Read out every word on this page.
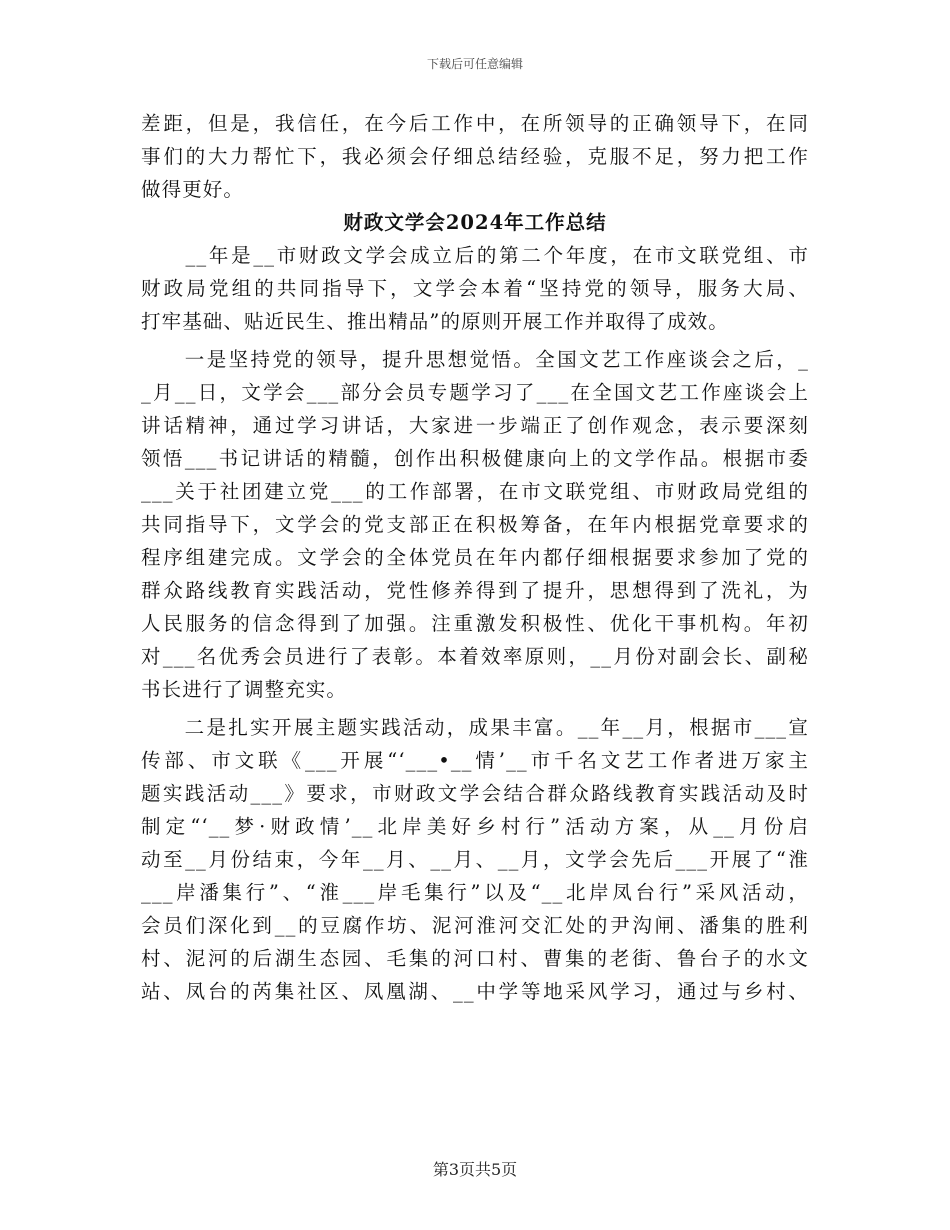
下载后可任意编辑
差距，但是，我信任，在今后工作中，在所领导的正确领导下，在同
事们的大力帮忙下，我必须会仔细总结经验，克服不足，努力把工作
做得更好。
财政文学会2024年工作总结
　　__年是__市财政文学会成立后的第二个年度，在市文联党组、市
财政局党组的共同指导下，文学会本着“坚持党的领导，服务大局、
打牢基础、贴近民生、推出精品”的原则开展工作并取得了成效。
　　一是坚持党的领导，提升思想觉悟。全国文艺工作座谈会之后，_
_月__日，文学会___部分会员专题学习了___在全国文艺工作座谈会上
讲话精神，通过学习讲话，大家进一步端正了创作观念，表示要深刻
领悟___书记讲话的精髓，创作出积极健康向上的文学作品。根据市委
___关于社团建立党___的工作部署，在市文联党组、市财政局党组的
共同指导下，文学会的党支部正在积极筹备，在年内根据党章要求的
程序组建完成。文学会的全体党员在年内都仔细根据要求参加了党的
群众路线教育实践活动，党性修养得到了提升，思想得到了洗礼，为
人民服务的信念得到了加强。注重激发积极性、优化干事机构。年初
对___名优秀会员进行了表彰。本着效率原则，__月份对副会长、副秘
书长进行了调整充实。
　　二是扎实开展主题实践活动，成果丰富。__年__月，根据市___宣
传部、市文联《___开展“‘___•__情’__市千名文艺工作者进万家主
题实践活动___》要求，市财政文学会结合群众路线教育实践活动及时
制定“‘__梦·财政情’__北岸美好乡村行”活动方案，从__月份启
动至__月份结束，今年__月、__月、__月，文学会先后___开展了“淮
___岸潘集行”、“淮___岸毛集行”以及“__北岸凤台行”采风活动，
会员们深化到__的豆腐作坊、泥河淮河交汇处的尹沟闸、潘集的胜利
村、泥河的后湖生态园、毛集的河口村、曹集的老街、鲁台子的水文
站、凤台的芮集社区、凤凰湖、__中学等地采风学习，通过与乡村、
第3页共5页
